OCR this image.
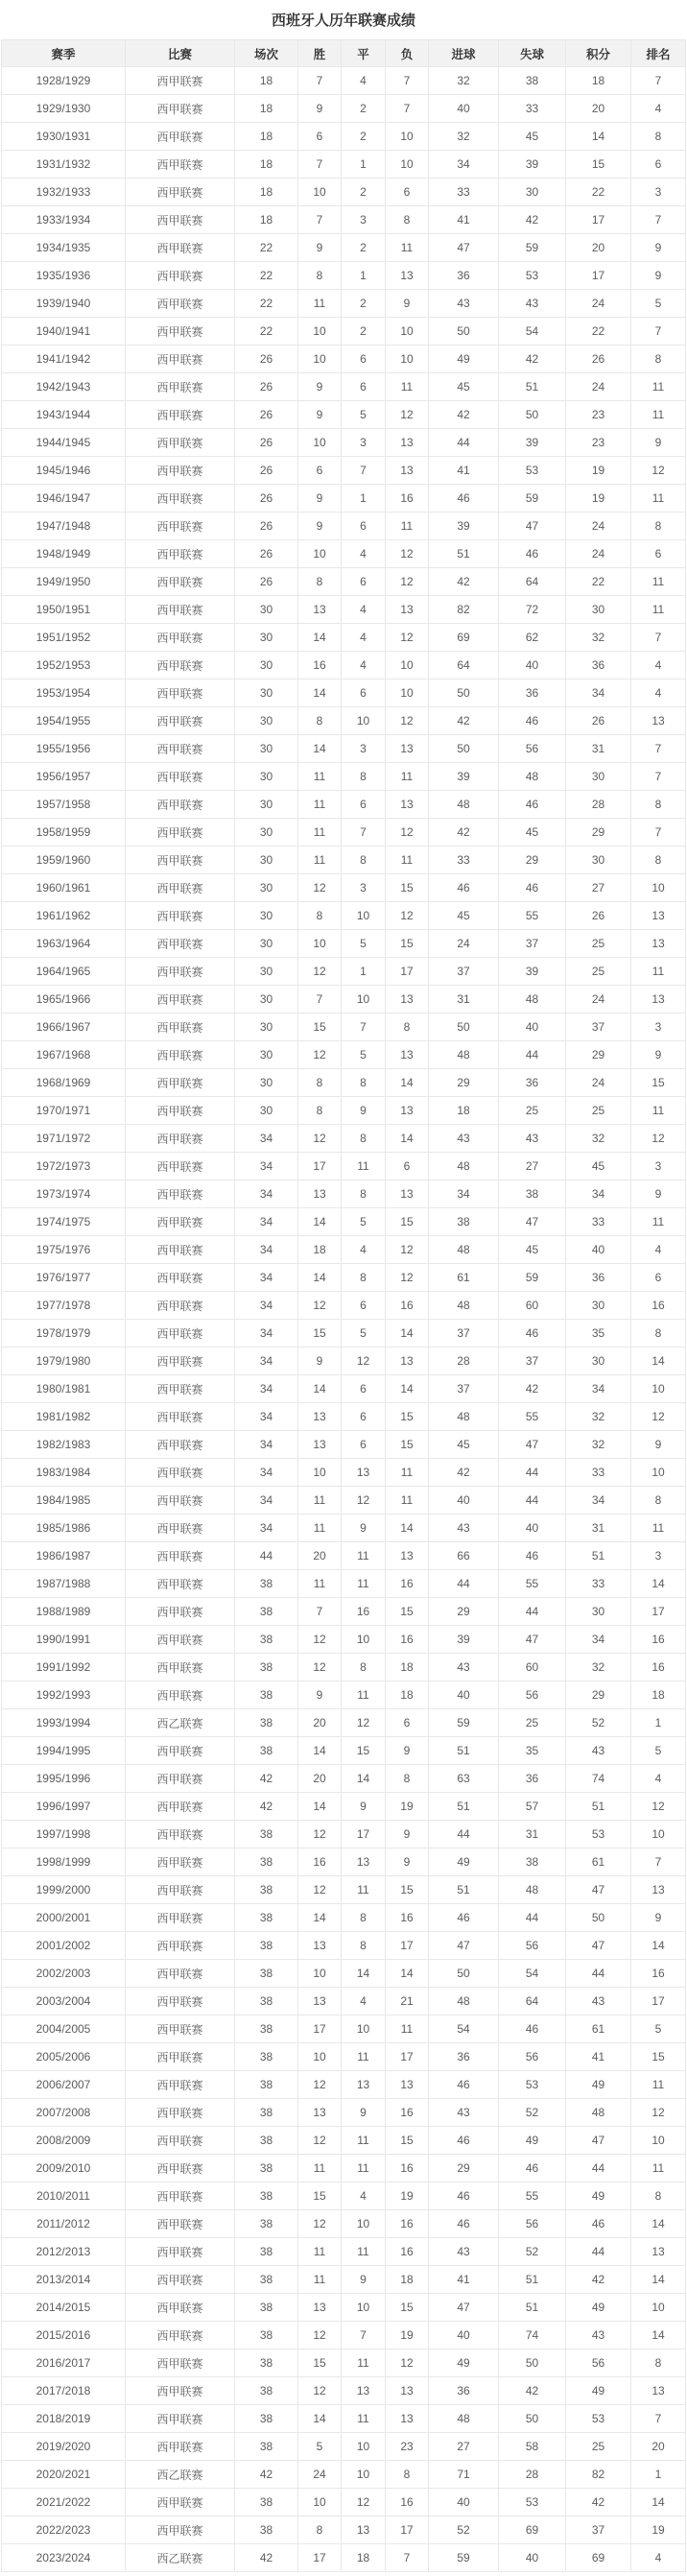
西班牙人历年联赛成绩
赛季	比赛	场次	胜	平	负	进球	失球	积分	排名
1928/1929	西甲联赛	18	7	4	7	32	38	18	7
1929/1930	西甲联赛	18	9	2	7	40	33	20	4
1930/1931	西甲联赛	18	6	2	10	32	45	14	8
1931/1932	西甲联赛	18	7	1	10	34	39	15	6
1932/1933	西甲联赛	18	10	2	6	33	30	22	3
1933/1934	西甲联赛	18	7	3	8	41	42	17	7
1934/1935	西甲联赛	22	9	2	11	47	59	20	9
1935/1936	西甲联赛	22	8	1	13	36	53	17	9
1939/1940	西甲联赛	22	11	2	9	43	43	24	5
1940/1941	西甲联赛	22	10	2	10	50	54	22	7
1941/1942	西甲联赛	26	10	6	10	49	42	26	8
1942/1943	西甲联赛	26	9	6	11	45	51	24	11
1943/1944	西甲联赛	26	9	5	12	42	50	23	11
1944/1945	西甲联赛	26	10	3	13	44	39	23	9
1945/1946	西甲联赛	26	6	7	13	41	53	19	12
1946/1947	西甲联赛	26	9	1	16	46	59	19	11
1947/1948	西甲联赛	26	9	6	11	39	47	24	8
1948/1949	西甲联赛	26	10	4	12	51	46	24	6
1949/1950	西甲联赛	26	8	6	12	42	64	22	11
1950/1951	西甲联赛	30	13	4	13	82	72	30	11
1951/1952	西甲联赛	30	14	4	12	69	62	32	7
1952/1953	西甲联赛	30	16	4	10	64	40	36	4
1953/1954	西甲联赛	30	14	6	10	50	36	34	4
1954/1955	西甲联赛	30	8	10	12	42	46	26	13
1955/1956	西甲联赛	30	14	3	13	50	56	31	7
1956/1957	西甲联赛	30	11	8	11	39	48	30	7
1957/1958	西甲联赛	30	11	6	13	48	46	28	8
1958/1959	西甲联赛	30	11	7	12	42	45	29	7
1959/1960	西甲联赛	30	11	8	11	33	29	30	8
1960/1961	西甲联赛	30	12	3	15	46	46	27	10
1961/1962	西甲联赛	30	8	10	12	45	55	26	13
1963/1964	西甲联赛	30	10	5	15	24	37	25	13
1964/1965	西甲联赛	30	12	1	17	37	39	25	11
1965/1966	西甲联赛	30	7	10	13	31	48	24	13
1966/1967	西甲联赛	30	15	7	8	50	40	37	3
1967/1968	西甲联赛	30	12	5	13	48	44	29	9
1968/1969	西甲联赛	30	8	8	14	29	36	24	15
1970/1971	西甲联赛	30	8	9	13	18	25	25	11
1971/1972	西甲联赛	34	12	8	14	43	43	32	12
1972/1973	西甲联赛	34	17	11	6	48	27	45	3
1973/1974	西甲联赛	34	13	8	13	34	38	34	9
1974/1975	西甲联赛	34	14	5	15	38	47	33	11
1975/1976	西甲联赛	34	18	4	12	48	45	40	4
1976/1977	西甲联赛	34	14	8	12	61	59	36	6
1977/1978	西甲联赛	34	12	6	16	48	60	30	16
1978/1979	西甲联赛	34	15	5	14	37	46	35	8
1979/1980	西甲联赛	34	9	12	13	28	37	30	14
1980/1981	西甲联赛	34	14	6	14	37	42	34	10
1981/1982	西甲联赛	34	13	6	15	48	55	32	12
1982/1983	西甲联赛	34	13	6	15	45	47	32	9
1983/1984	西甲联赛	34	10	13	11	42	44	33	10
1984/1985	西甲联赛	34	11	12	11	40	44	34	8
1985/1986	西甲联赛	34	11	9	14	43	40	31	11
1986/1987	西甲联赛	44	20	11	13	66	46	51	3
1987/1988	西甲联赛	38	11	11	16	44	55	33	14
1988/1989	西甲联赛	38	7	16	15	29	44	30	17
1990/1991	西甲联赛	38	12	10	16	39	47	34	16
1991/1992	西甲联赛	38	12	8	18	43	60	32	16
1992/1993	西甲联赛	38	9	11	18	40	56	29	18
1993/1994	西乙联赛	38	20	12	6	59	25	52	1
1994/1995	西甲联赛	38	14	15	9	51	35	43	5
1995/1996	西甲联赛	42	20	14	8	63	36	74	4
1996/1997	西甲联赛	42	14	9	19	51	57	51	12
1997/1998	西甲联赛	38	12	17	9	44	31	53	10
1998/1999	西甲联赛	38	16	13	9	49	38	61	7
1999/2000	西甲联赛	38	12	11	15	51	48	47	13
2000/2001	西甲联赛	38	14	8	16	46	44	50	9
2001/2002	西甲联赛	38	13	8	17	47	56	47	14
2002/2003	西甲联赛	38	10	14	14	50	54	44	16
2003/2004	西甲联赛	38	13	4	21	48	64	43	17
2004/2005	西甲联赛	38	17	10	11	54	46	61	5
2005/2006	西甲联赛	38	10	11	17	36	56	41	15
2006/2007	西甲联赛	38	12	13	13	46	53	49	11
2007/2008	西甲联赛	38	13	9	16	43	52	48	12
2008/2009	西甲联赛	38	12	11	15	46	49	47	10
2009/2010	西甲联赛	38	11	11	16	29	46	44	11
2010/2011	西甲联赛	38	15	4	19	46	55	49	8
2011/2012	西甲联赛	38	12	10	16	46	56	46	14
2012/2013	西甲联赛	38	11	11	16	43	52	44	13
2013/2014	西甲联赛	38	11	9	18	41	51	42	14
2014/2015	西甲联赛	38	13	10	15	47	51	49	10
2015/2016	西甲联赛	38	12	7	19	40	74	43	14
2016/2017	西甲联赛	38	15	11	12	49	50	56	8
2017/2018	西甲联赛	38	12	13	13	36	42	49	13
2018/2019	西甲联赛	38	14	11	13	48	50	53	7
2019/2020	西甲联赛	38	5	10	23	27	58	25	20
2020/2021	西乙联赛	42	24	10	8	71	28	82	1
2021/2022	西甲联赛	38	10	12	16	40	53	42	14
2022/2023	西甲联赛	38	8	13	17	52	69	37	19
2023/2024	西乙联赛	42	17	18	7	59	40	69	4
